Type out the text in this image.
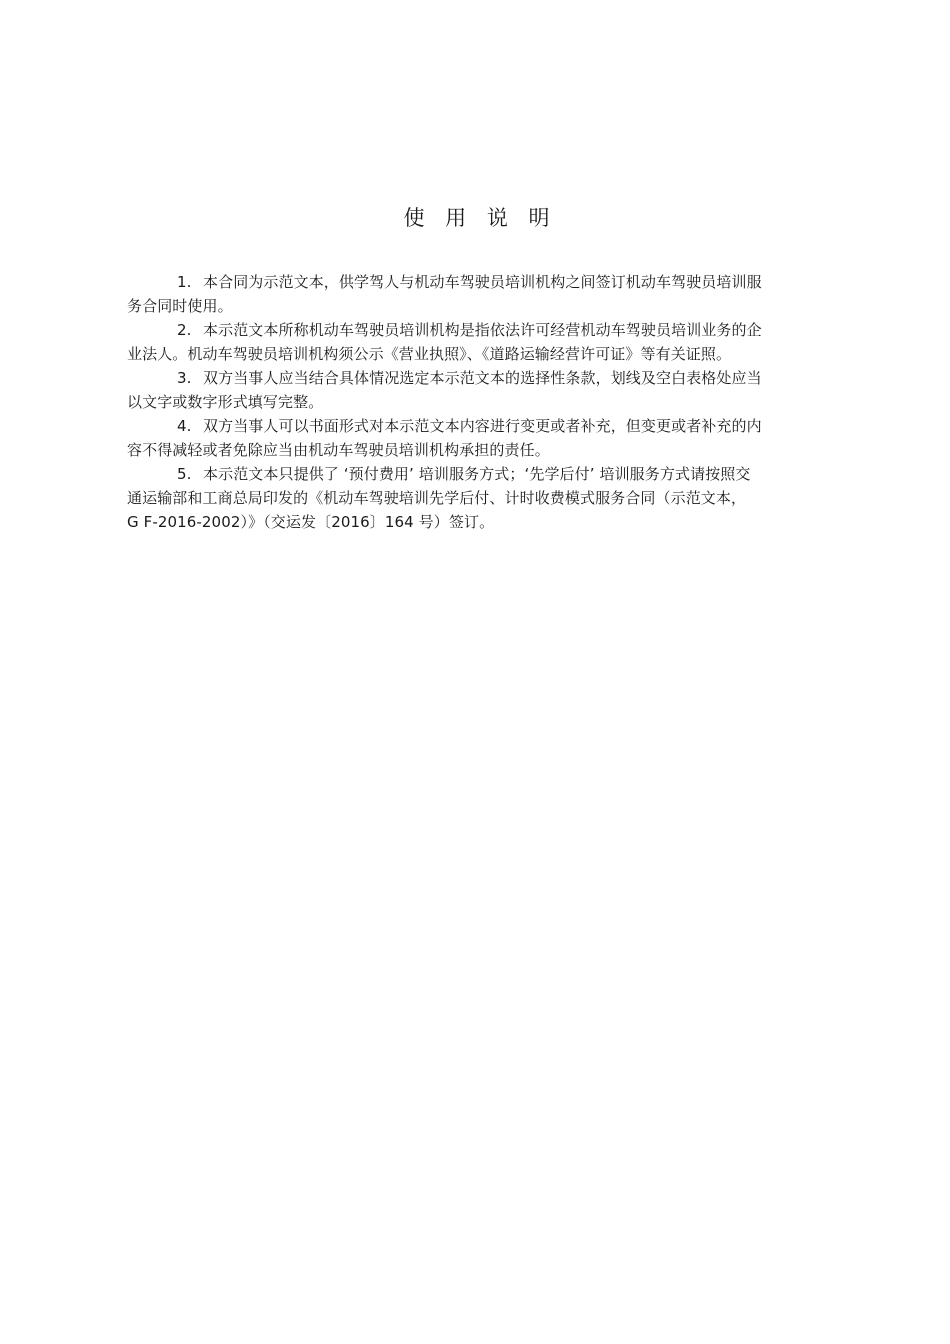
使 用 说 明

1. 本合同为示范文本，供学驾人与机动车驾驶员培训机构之间签订机动车驾驶员培训服
务合同时使用。

2. 本示范文本所称机动车驾驶员培训机构是指依法许可经营机动车驾驶员培训业务的企
业法人。机动车驾驶员培训机构须公示《营业执照》、《道路运输经营许可证》等有关证照。

3. 双方当事人应当结合具体情况选定本示范文本的选择性条款，划线及空白表格处应当
以文字或数字形式填写完整。

4. 双方当事人可以书面形式对本示范文本内容进行变更或者补充，但变更或者补充的内
容不得减轻或者免除应当由机动车驾驶员培训机构承担的责任。

5. 本示范文本只提供了 ‘预付费用’ 培训服务方式；‘先学后付’ 培训服务方式请按照交
通运输部和工商总局印发的《机动车驾驶培训先学后付、计时收费模式服务合同（示范文本，
G F-2016-2002）》（交运发〔2016〕164 号）签订。
